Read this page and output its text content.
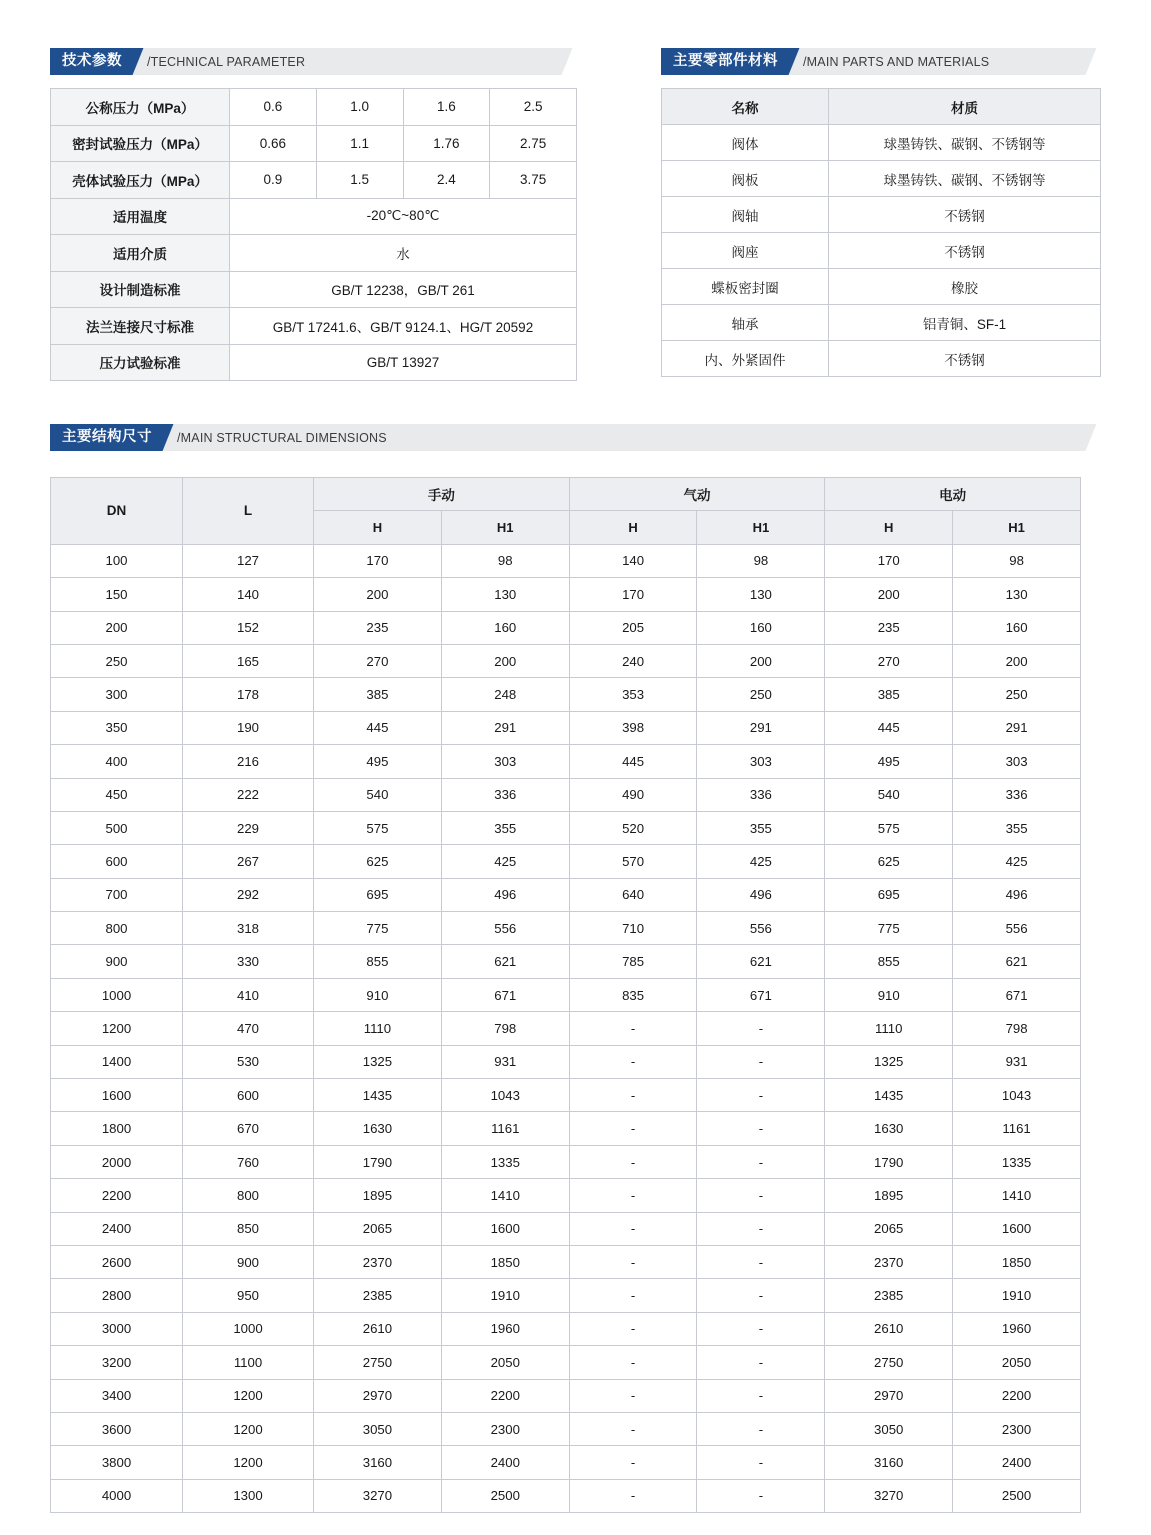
技术参数	/TECHNICAL PARAMETER
公称压力（MPa）	0.6	1.0	1.6	2.5
密封试验压力（MPa）	0.66	1.1	1.76	2.75
壳体试验压力（MPa）	0.9	1.5	2.4	3.75
适用温度	-20℃~80℃			
适用介质	水			
设计制造标准	GB/T 12238，GB/T 261			
法兰连接尺寸标准	GB/T 17241.6、GB/T 9124.1、HG/T 20592			
压力试验标准	GB/T 13927			
主要零部件材料	/MAIN PARTS AND MATERIALS
名称	材质
阀体	球墨铸铁、碳钢、不锈钢等
阀板	球墨铸铁、碳钢、不锈钢等
阀轴	不锈钢
阀座	不锈钢
蝶板密封圈	橡胶
轴承	铝青铜、SF-1
内、外紧固件	不锈钢
主要结构尺寸	/MAIN STRUCTURAL DIMENSIONS
DN	L	手动		气动		电动	
		H	H1	H	H1	H	H1
100	127	170	98	140	98	170	98
150	140	200	130	170	130	200	130
200	152	235	160	205	160	235	160
250	165	270	200	240	200	270	200
300	178	385	248	353	250	385	250
350	190	445	291	398	291	445	291
400	216	495	303	445	303	495	303
450	222	540	336	490	336	540	336
500	229	575	355	520	355	575	355
600	267	625	425	570	425	625	425
700	292	695	496	640	496	695	496
800	318	775	556	710	556	775	556
900	330	855	621	785	621	855	621
1000	410	910	671	835	671	910	671
1200	470	1110	798	-	-	1110	798
1400	530	1325	931	-	-	1325	931
1600	600	1435	1043	-	-	1435	1043
1800	670	1630	1161	-	-	1630	1161
2000	760	1790	1335	-	-	1790	1335
2200	800	1895	1410	-	-	1895	1410
2400	850	2065	1600	-	-	2065	1600
2600	900	2370	1850	-	-	2370	1850
2800	950	2385	1910	-	-	2385	1910
3000	1000	2610	1960	-	-	2610	1960
3200	1100	2750	2050	-	-	2750	2050
3400	1200	2970	2200	-	-	2970	2200
3600	1200	3050	2300	-	-	3050	2300
3800	1200	3160	2400	-	-	3160	2400
4000	1300	3270	2500	-	-	3270	2500
